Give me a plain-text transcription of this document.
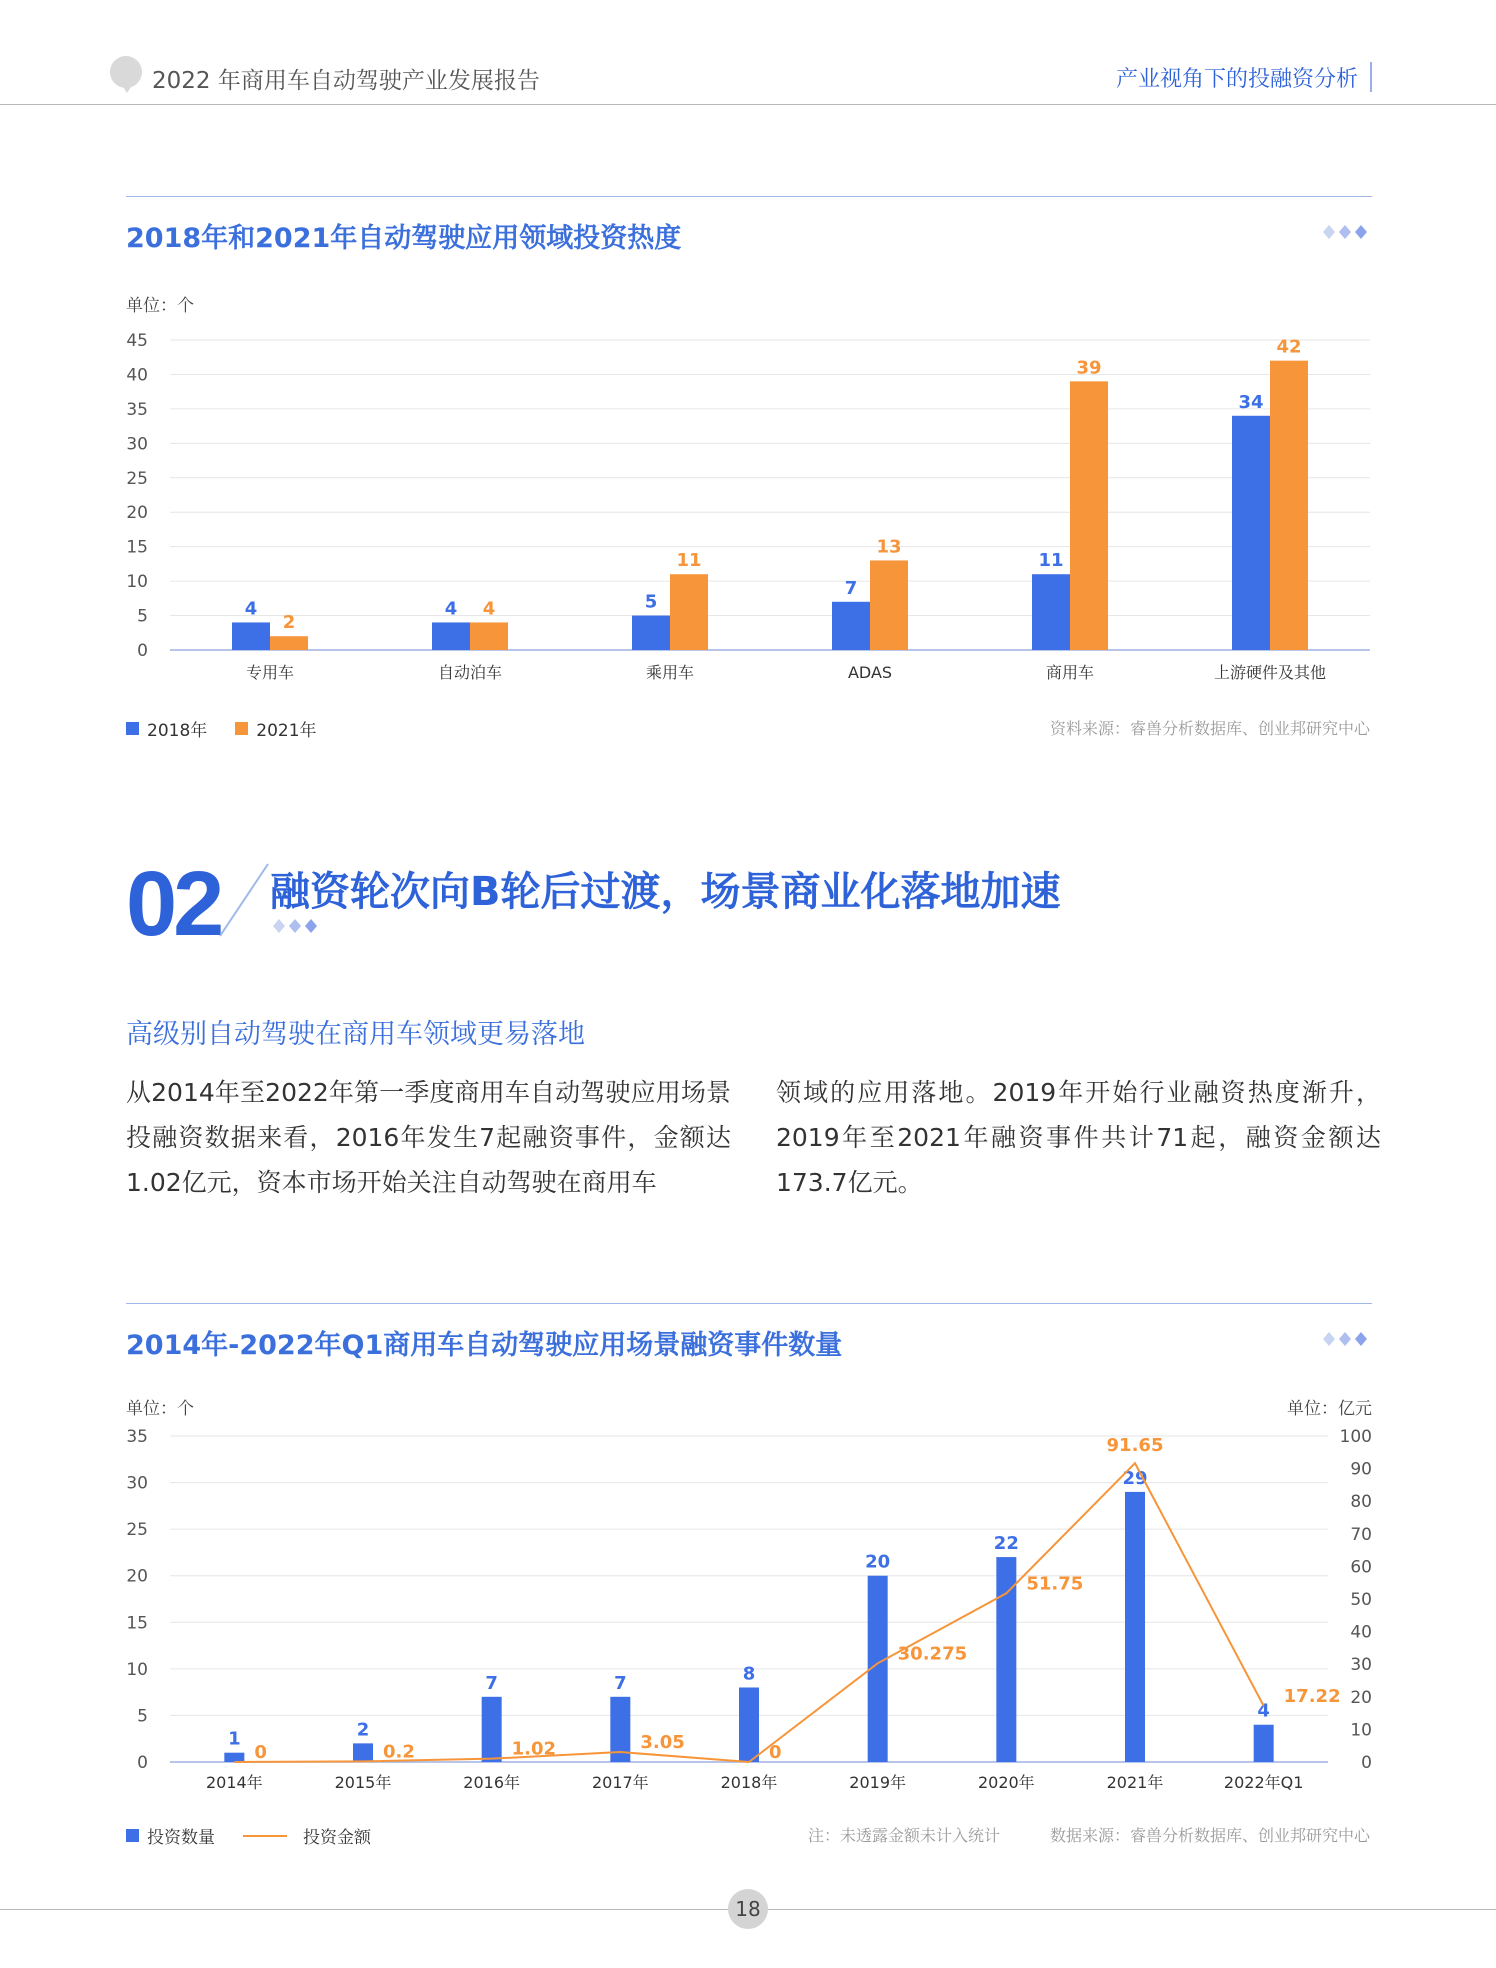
2022 年商用车自动驾驶产业发展报告	产业视角下的投融资分析
2018年和2021年自动驾驶应用领域投资热度
单位：个
0
5
10
15
20
25
30
35
40
45
专用车
4
2
自动泊车
4 4
乘用车
5
11
ADAS
7
13
商用车
11
39
上游硬件及其他
34
42
2018年	2021年	资料来源：睿兽分析数据库、创业邦研究中心
02 融资轮次向B轮后过渡，场景商业化落地加速
高级别自动驾驶在商用车领域更易落地
从2014年至2022年第一季度商用车自动驾驶应用场景投融资数据来看，2016年发生7起融资事件，金额达1.02亿元，资本市场开始关注自动驾驶在商用车
领域的应用落地。2019年开始行业融资热度渐升，2019年至2021年融资事件共计71起，融资金额达173.7亿元。
2014年-2022年Q1商用车自动驾驶应用场景融资事件数量
单位：个	单位：亿元
0
5
10
15
20
25
30
35
0
10
20
30
40
50
60
70
80
90
100
2014年
1
2015年
2
2016年
7
2017年
7
2018年
8
2019年
20
2020年
22
2021年
29
2022年Q1
4
0	0.2	1.02	3.05	0
30.275
51.75
91.65
17.22
投资数量	投资金额	注：未透露金额未计入统计	数据来源：睿兽分析数据库、创业邦研究中心
18
